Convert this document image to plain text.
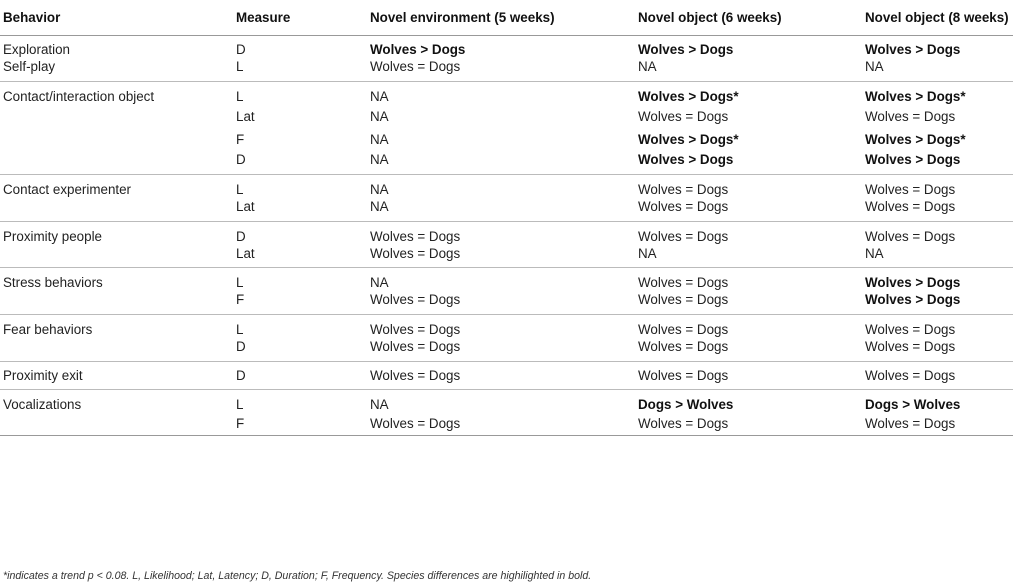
Behavior	Measure	Novel environment (5 weeks)	Novel object (6 weeks)	Novel object (8 weeks)
Exploration	D	Wolves > Dogs	Wolves > Dogs	Wolves > Dogs
Self-play	L	Wolves = Dogs	NA	NA
Contact/interaction object	L	NA	Wolves > Dogs*	Wolves > Dogs*
	Lat	NA	Wolves = Dogs	Wolves = Dogs
	F	NA	Wolves > Dogs*	Wolves > Dogs*
	D	NA	Wolves > Dogs	Wolves > Dogs
Contact experimenter	L	NA	Wolves = Dogs	Wolves = Dogs
	Lat	NA	Wolves = Dogs	Wolves = Dogs
Proximity people	D	Wolves = Dogs	Wolves = Dogs	Wolves = Dogs
	Lat	Wolves = Dogs	NA	NA
Stress behaviors	L	NA	Wolves = Dogs	Wolves > Dogs
	F	Wolves = Dogs	Wolves = Dogs	Wolves > Dogs
Fear behaviors	L	Wolves = Dogs	Wolves = Dogs	Wolves = Dogs
	D	Wolves = Dogs	Wolves = Dogs	Wolves = Dogs
Proximity exit	D	Wolves = Dogs	Wolves = Dogs	Wolves = Dogs
Vocalizations	L	NA	Dogs > Wolves	Dogs > Wolves
	F	Wolves = Dogs	Wolves = Dogs	Wolves = Dogs
*indicates a trend p < 0.08. L, Likelihood; Lat, Latency; D, Duration; F, Frequency. Species differences are highilighted in bold.
